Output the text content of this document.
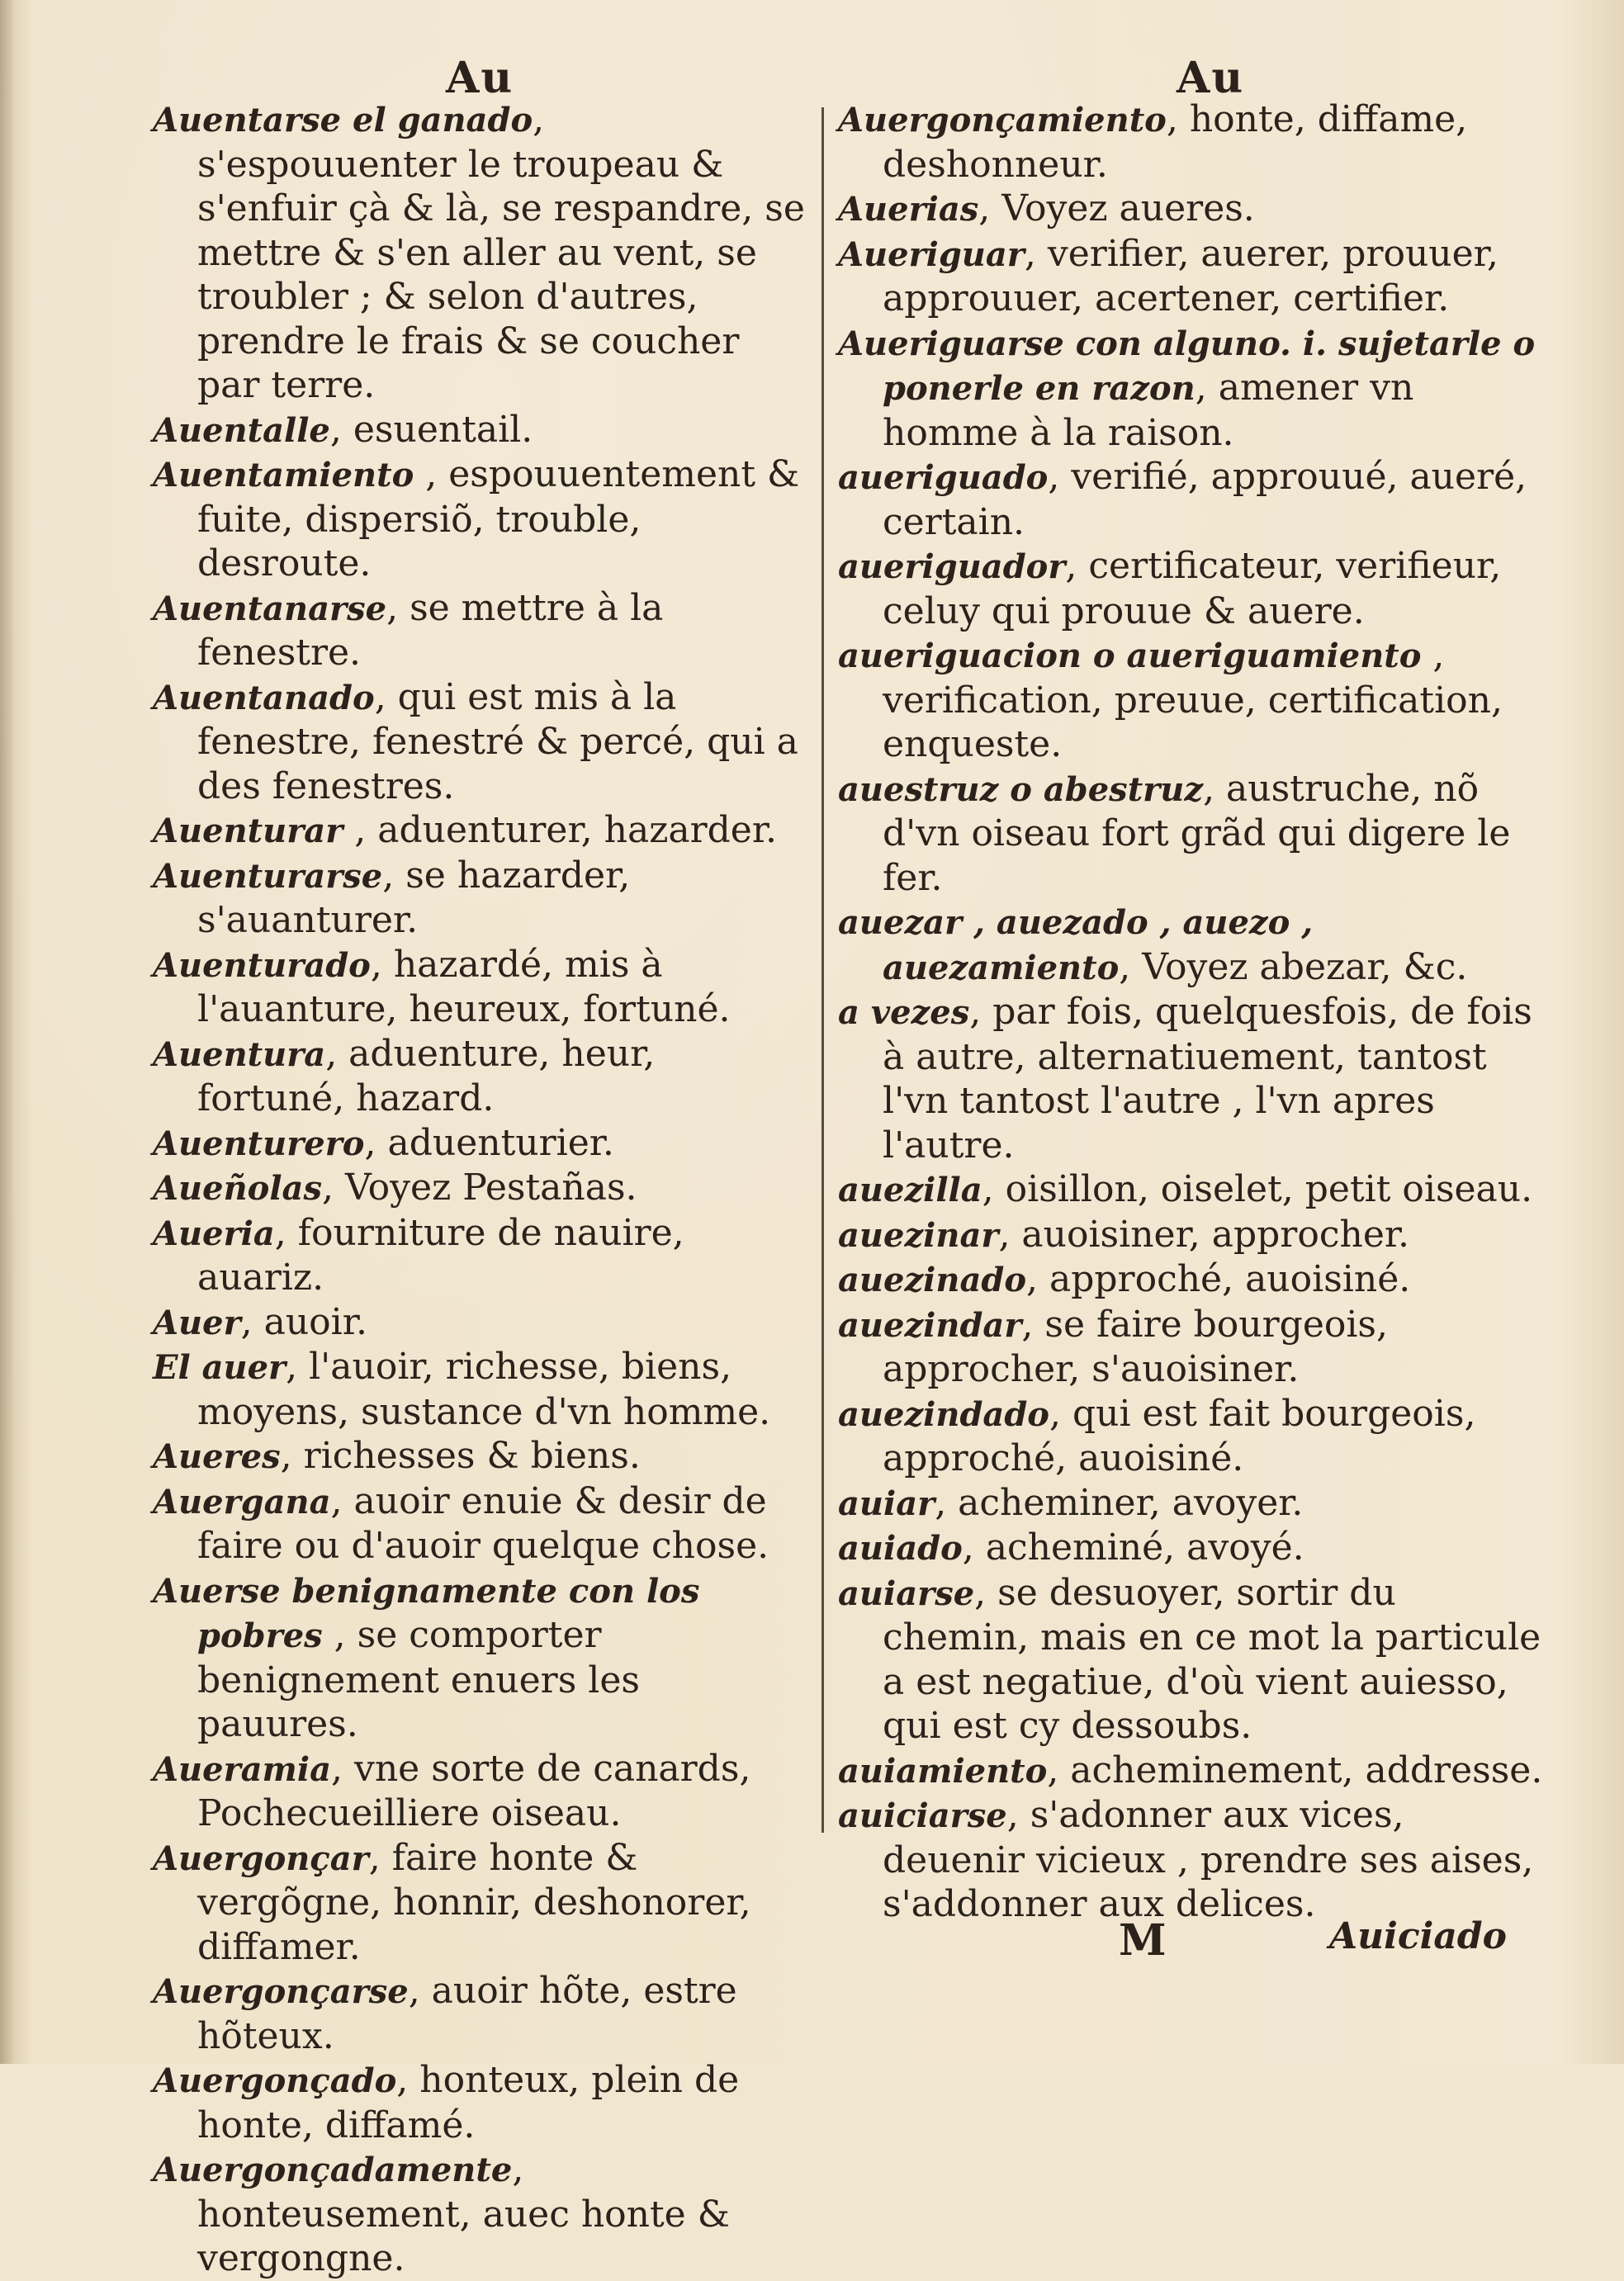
Au	Au

Auentarse el ganado, s'espouuenter le troupeau & s'enfuir çà & là, se respandre, se mettre & s'en aller au vent, se troubler ; & selon d'autres, prendre le frais & se coucher par terre.

Auentalle, esuentail.

Auentamiento , espouuentement & fuite, dispersiõ, trouble, desroute.

Auentanarse, se mettre à la fenestre.

Auentanado, qui est mis à la fenestre, fenestré & percé, qui a des fenestres.

Auenturar , aduenturer, hazarder.

Auenturarse, se hazarder, s'auanturer.

Auenturado, hazardé, mis à l'auanture, heureux, fortuné.

Auentura, aduenture, heur, fortuné, hazard.

Auenturero, aduenturier.

Aueñolas, Voyez Pestañas.

Aueria, fourniture de nauire, auariz.

Auer, auoir.

El auer, l'auoir, richesse, biens, moyens, sustance d'vn homme.

Aueres, richesses & biens.

Auergana, auoir enuie & desir de faire ou d'auoir quelque chose.

Auerse benignamente con los pobres , se comporter benignement enuers les pauures.

Aueramia, vne sorte de canards, Pochecueilliere oiseau.

Auergonçar, faire honte & vergõgne, honnir, deshonorer, diffamer.

Auergonçarse, auoir hõte, estre hõteux.

Auergonçado, honteux, plein de honte, diffamé.

Auergonçadamente, honteusement, auec honte & vergongne.

Auergonçamiento, honte, diffame, deshonneur.

Auerias, Voyez aueres.

Aueriguar, verifier, auerer, prouuer, approuuer, acertener, certifier.

Aueriguarse con alguno. i. sujetarle o ponerle en razon, amener vn homme à la raison.

aueriguado, verifié, approuué, aueré, certain.

aueriguador, certificateur, verifieur, celuy qui prouue & auere.

aueriguacion o aueriguamiento , verification, preuue, certification, enqueste.

auestruz o abestruz, austruche, nõ d'vn oiseau fort grãd qui digere le fer.

auezar , auezado , auezo , auezamiento, Voyez abezar, &c.

a vezes, par fois, quelquesfois, de fois à autre, alternatiuement, tantost l'vn tantost l'autre , l'vn apres l'autre.

auezilla, oisillon, oiselet, petit oiseau.

auezinar, auoisiner, approcher.

auezinado, approché, auoisiné.

auezindar, se faire bourgeois, approcher, s'auoisiner.

auezindado, qui est fait bourgeois, approché, auoisiné.

auiar, acheminer, avoyer.

auiado, acheminé, avoyé.

auiarse, se desuoyer, sortir du chemin, mais en ce mot la particule a est negatiue, d'où vient auiesso, qui est cy dessoubs.

auiamiento, acheminement, addresse.

auiciarse, s'adonner aux vices, deuenir vicieux , prendre ses aises, s'addonner aux delices.

M	Auiciado
